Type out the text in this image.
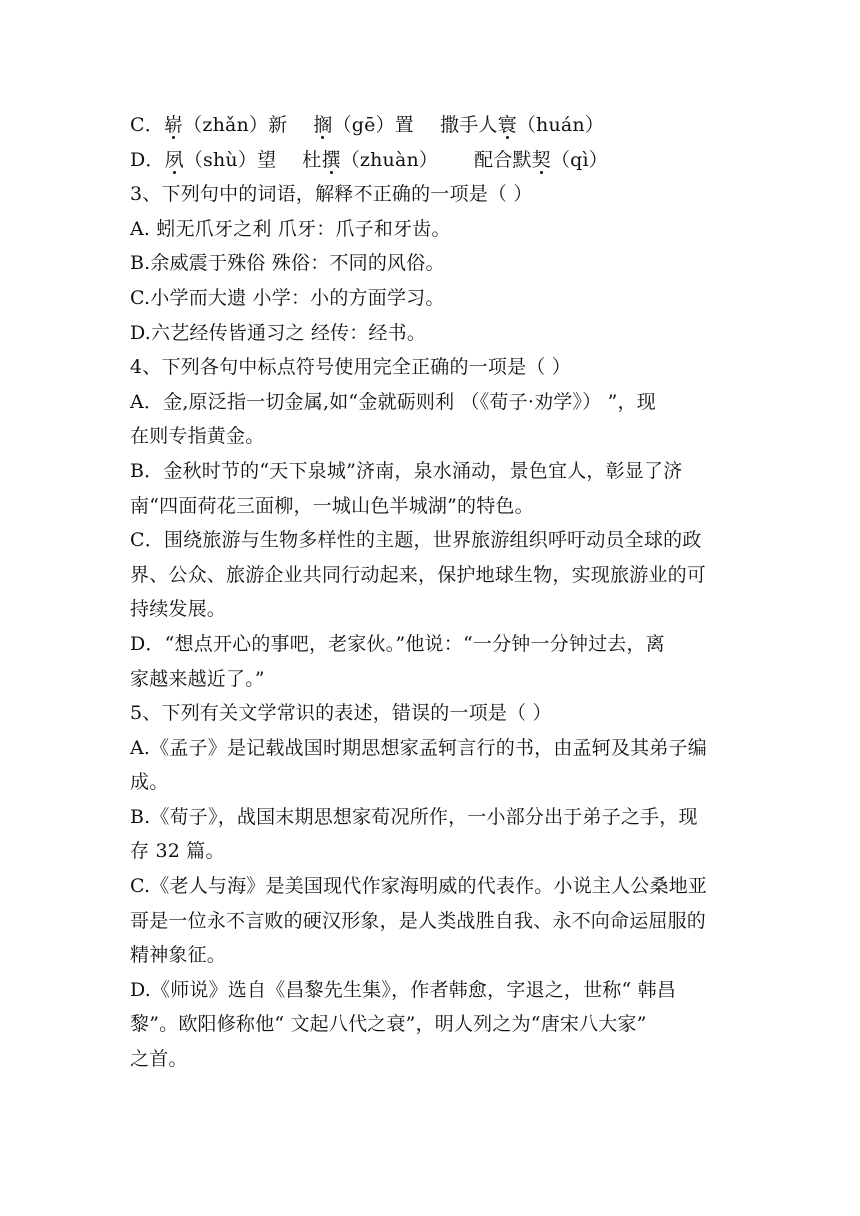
C．崭（zhǎn）新 搁（gē）置 撒手人寰（huán）
D．夙（shù）望 杜撰（zhuàn） 配合默契（qì）
3、下列句中的词语，解释不正确的一项是（ ）
A. 蚓无爪牙之利 爪牙：爪子和牙齿。
B.余威震于殊俗 殊俗：不同的风俗。
C.小学而大遗 小学：小的方面学习。
D.六艺经传皆通习之 经传：经书。
4、下列各句中标点符号使用完全正确的一项是（ ）
A．金,原泛指一切金属,如“金就砺则利 （《荀子·劝学》） ”，现
在则专指黄金。
B．金秋时节的“天下泉城”济南，泉水涌动，景色宜人，彰显了济
南“四面荷花三面柳，一城山色半城湖”的特色。
C．围绕旅游与生物多样性的主题，世界旅游组织呼吁动员全球的政
界、公众、旅游企业共同行动起来，保护地球生物，实现旅游业的可
持续发展。
D．“想点开心的事吧，老家伙。”他说：“一分钟一分钟过去，离
家越来越近了。”
5、下列有关文学常识的表述，错误的一项是（ ）
A.《孟子》是记载战国时期思想家孟轲言行的书，由孟轲及其弟子编
成。
B.《荀子》，战国末期思想家荀况所作，一小部分出于弟子之手，现
存 32 篇。
C.《老人与海》是美国现代作家海明威的代表作。小说主人公桑地亚
哥是一位永不言败的硬汉形象，是人类战胜自我、永不向命运屈服的
精神象征。
D.《师说》选自《昌黎先生集》，作者韩愈，字退之，世称“ 韩昌
黎”。欧阳修称他“ 文起八代之衰”，明人列之为“唐宋八大家”
之首。
